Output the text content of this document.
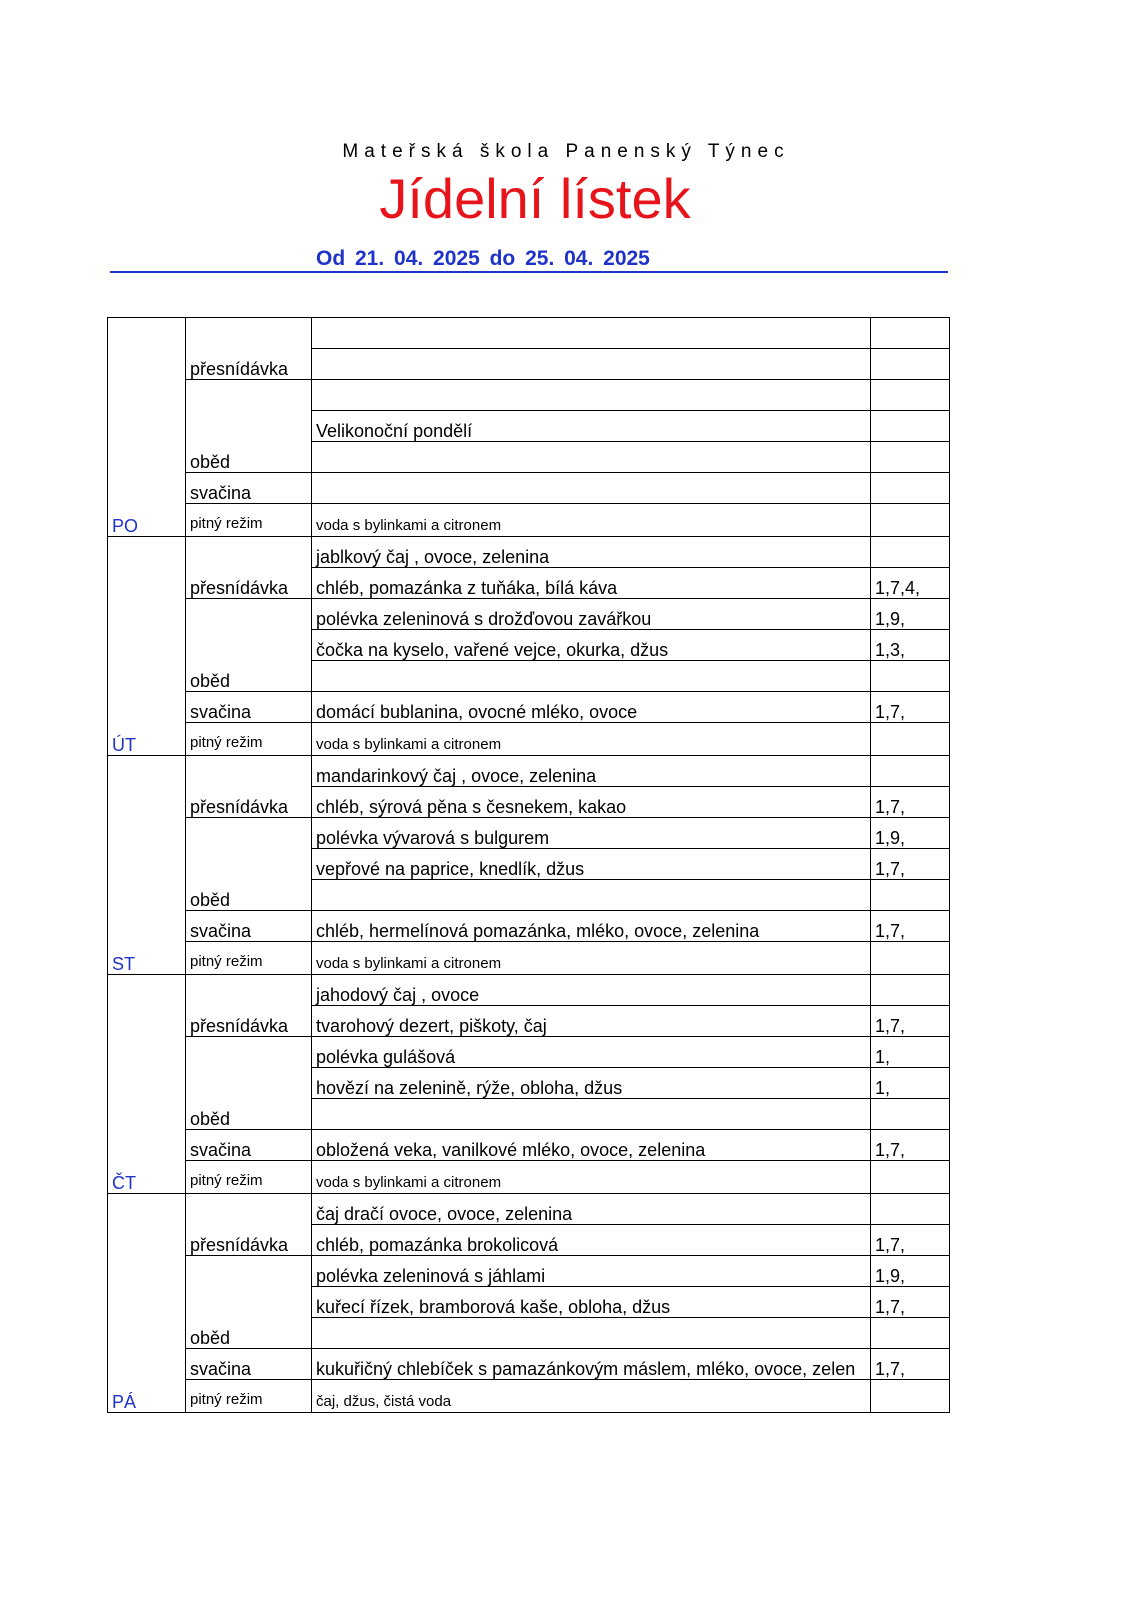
Mateřská škola Panenský Týnec
Jídelní lístek
Od 21. 04. 2025 do 25. 04. 2025
PO	přesnídávka		

	oběd		
		Velikonoční pondělí	

	svačina		
	pitný režim	voda s bylinkami a citronem	
ÚT	přesnídávka	jablkový čaj , ovoce, zelenina	
		chléb, pomazánka z tuňáka, bílá káva	1,7,4,
	oběd	polévka zeleninová s drožďovou zavářkou	1,9,
		čočka na kyselo, vařené vejce, okurka, džus	1,3,

	svačina	domácí bublanina, ovocné mléko, ovoce	1,7,
	pitný režim	voda s bylinkami a citronem	
ST	přesnídávka	mandarinkový čaj , ovoce, zelenina	
		chléb, sýrová pěna s česnekem, kakao	1,7,
	oběd	polévka vývarová s bulgurem	1,9,
		vepřové na paprice, knedlík, džus	1,7,

	svačina	chléb, hermelínová pomazánka, mléko, ovoce, zelenina	1,7,
	pitný režim	voda s bylinkami a citronem	
ČT	přesnídávka	jahodový čaj , ovoce	
		tvarohový dezert, piškoty, čaj	1,7,
	oběd	polévka gulášová	1,
		hovězí na zelenině, rýže, obloha, džus	1,

	svačina	obložená veka, vanilkové mléko, ovoce, zelenina	1,7,
	pitný režim	voda s bylinkami a citronem	
PÁ	přesnídávka	čaj dračí ovoce, ovoce, zelenina	
		chléb, pomazánka brokolicová	1,7,
	oběd	polévka zeleninová s jáhlami	1,9,
		kuřecí řízek, bramborová kaše, obloha, džus	1,7,

	svačina	kukuřičný chlebíček s pamazánkovým máslem, mléko, ovoce, zelen	1,7,
	pitný režim	čaj, džus, čistá voda	
